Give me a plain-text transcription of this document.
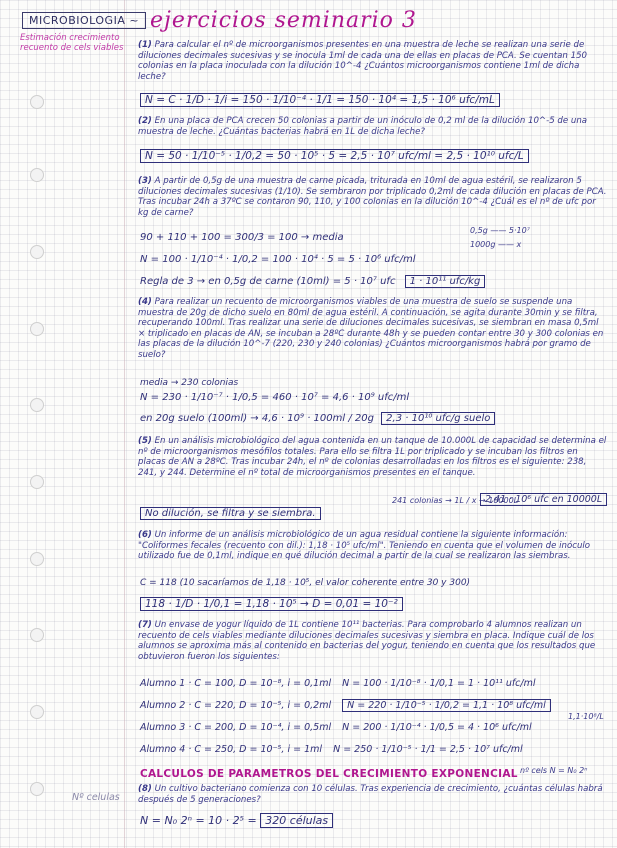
MICROBIOLOGIA ~
Estimación crecimiento
recuento de cels viables
ejercicios seminario 3
(1) Para calcular el nº de microorganismos presentes en una muestra de leche se realizan una serie de diluciones decimales sucesivas y se inocula 1ml de cada una de ellas en placas de PCA. Se cuentan 150 colonias en la placa inoculada con la dilución 10^-4 ¿Cuántos microorganismos contiene 1ml de dicha leche?
N = C · 1/D · 1/i = 150 · 1/10⁻⁴ · 1/1 = 150 · 10⁴ = 1,5 · 10⁶ ufc/mL
(2) En una placa de PCA crecen 50 colonias a partir de un inóculo de 0,2 ml de la dilución 10^-5 de una muestra de leche. ¿Cuántas bacterias habrá en 1L de dicha leche?
N = 50 · 1/10⁻⁵ · 1/0,2 = 50 · 10⁵ · 5 = 2,5 · 10⁷ ufc/ml = 2,5 · 10¹⁰ ufc/L
(3) A partir de 0,5g de una muestra de carne picada, triturada en 10ml de agua estéril, se realizaron 5 diluciones decimales sucesivas (1/10). Se sembraron por triplicado 0,2ml de cada dilución en placas de PCA. Tras incubar 24h a 37ºC se contaron 90, 110, y 100 colonias en la dilución 10^-4 ¿Cuál es el nº de ufc por kg de carne?
90 + 110 + 100 = 300/3 = 100 → media
0,5g —— 5·10⁷
1000g —— x
N = 100 · 1/10⁻⁴ · 1/0,2 = 100 · 10⁴ · 5 = 5 · 10⁶ ufc/ml
Regla de 3 → en 0,5g de carne (10ml) = 5 · 10⁷ ufc 1 · 10¹¹ ufc/kg
(4) Para realizar un recuento de microorganismos viables de una muestra de suelo se suspende una muestra de 20g de dicho suelo en 80ml de agua estéril. A continuación, se agita durante 30min y se filtra, recuperando 100ml. Tras realizar una serie de diluciones decimales sucesivas, se siembran en masa 0,5ml × triplicado en placas de AN, se incuban a 28ºC durante 48h y se pueden contar entre 30 y 300 colonias en las placas de la dilución 10^-7 (220, 230 y 240 colonias) ¿Cuántos microorganismos habrá por gramo de suelo?
media → 230 colonias
N = 230 · 1/10⁻⁷ · 1/0,5 = 460 · 10⁷ = 4,6 · 10⁹ ufc/ml
en 20g suelo (100ml) → 4,6 · 10⁹ · 100ml / 20g 2,3 · 10¹⁰ ufc/g suelo
(5) En un análisis microbiológico del agua contenida en un tanque de 10.000L de capacidad se determina el nº de microorganismos mesófilos totales. Para ello se filtra 1L por triplicado y se incuban los filtros en placas de AN a 28ºC. Tras incubar 24h, el nº de colonias desarrolladas en los filtros es el siguiente: 238, 241, y 244. Determine el nº total de microorganismos presentes en el tanque.
241 colonias → 1L / x → 10000L
No dilución, se filtra y se siembra.
2,41 · 10⁶ ufc en 10000L
(6) Un informe de un análisis microbiológico de un agua residual contiene la siguiente información: "Coliformes fecales (recuento con dil.): 1,18 · 10⁵ ufc/ml". Teniendo en cuenta que el volumen de inóculo utilizado fue de 0,1ml, indique en qué dilución decimal a partir de la cual se realizaron las siembras.
C = 118 (10 sacaríamos de 1,18 · 10⁵, el valor coherente entre 30 y 300)
118 · 1/D · 1/0,1 = 1,18 · 10⁵ → D = 0,01 = 10⁻²
(7) Un envase de yogur líquido de 1L contiene 10¹¹ bacterias. Para comprobarlo 4 alumnos realizan un recuento de cels viables mediante diluciones decimales sucesivas y siembra en placa. Indique cuál de los alumnos se aproxima más al contenido en bacterias del yogur, teniendo en cuenta que los resultados que obtuvieron fueron los siguientes:
Alumno 1 · C = 100, D = 10⁻⁸, i = 0,1ml N = 100 · 1/10⁻⁸ · 1/0,1 = 1 · 10¹¹ ufc/ml
Alumno 2 · C = 220, D = 10⁻⁵, i = 0,2ml N = 220 · 1/10⁻⁵ · 1/0,2 = 1,1 · 10⁸ ufc/ml
Alumno 3 · C = 200, D = 10⁻⁴, i = 0,5ml N = 200 · 1/10⁻⁴ · 1/0,5 = 4 · 10⁶ ufc/ml
Alumno 4 · C = 250, D = 10⁻⁵, i = 1ml N = 250 · 1/10⁻⁵ · 1/1 = 2,5 · 10⁷ ufc/ml
1,1·10⁸/L
CALCULOS DE PARAMETROS DEL CRECIMIENTO EXPONENCIAL nº cels N = N₀ 2ⁿ
Nº celulas
(8) Un cultivo bacteriano comienza con 10 células. Tras experiencia de crecimiento, ¿cuántas células habrá después de 5 generaciones?
N = N₀ 2ⁿ = 10 · 2⁵ = 320 células
